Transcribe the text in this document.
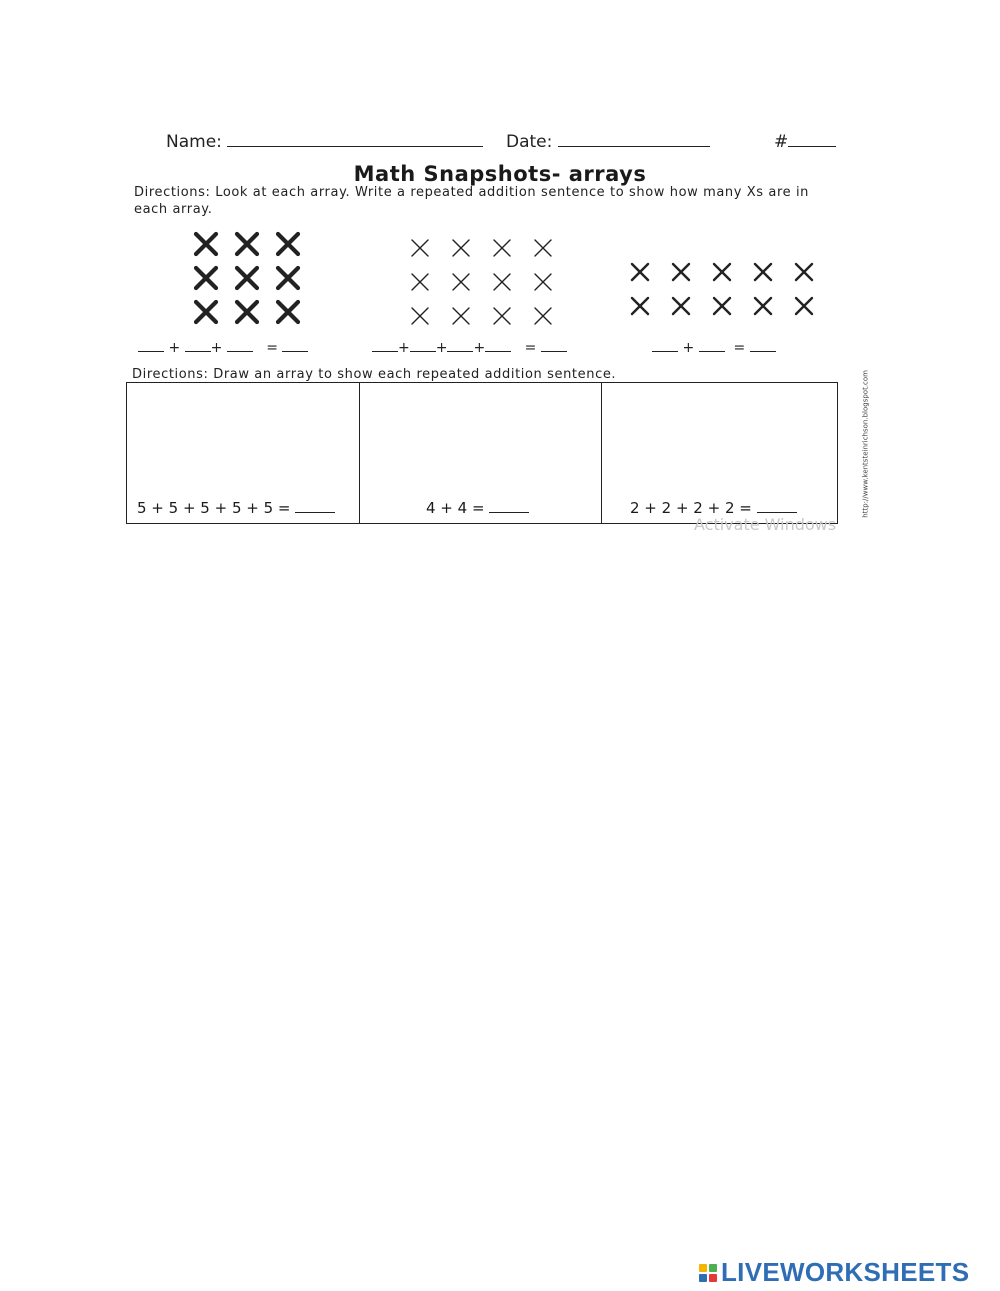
Name:	Date:	#
Math Snapshots- arrays
Directions: Look at each array. Write a repeated addition sentence to show how many Xs are in each array.
+ +	=	+ + +	=	+	=
Directions: Draw an array to show each repeated addition sentence.
5 + 5 + 5 + 5 + 5 =	4 + 4 =	2 + 2 + 2 + 2 =	http://www.kentsteinrichson.blogspot.com
Activate Windows
LIVEWORKSHEETS
